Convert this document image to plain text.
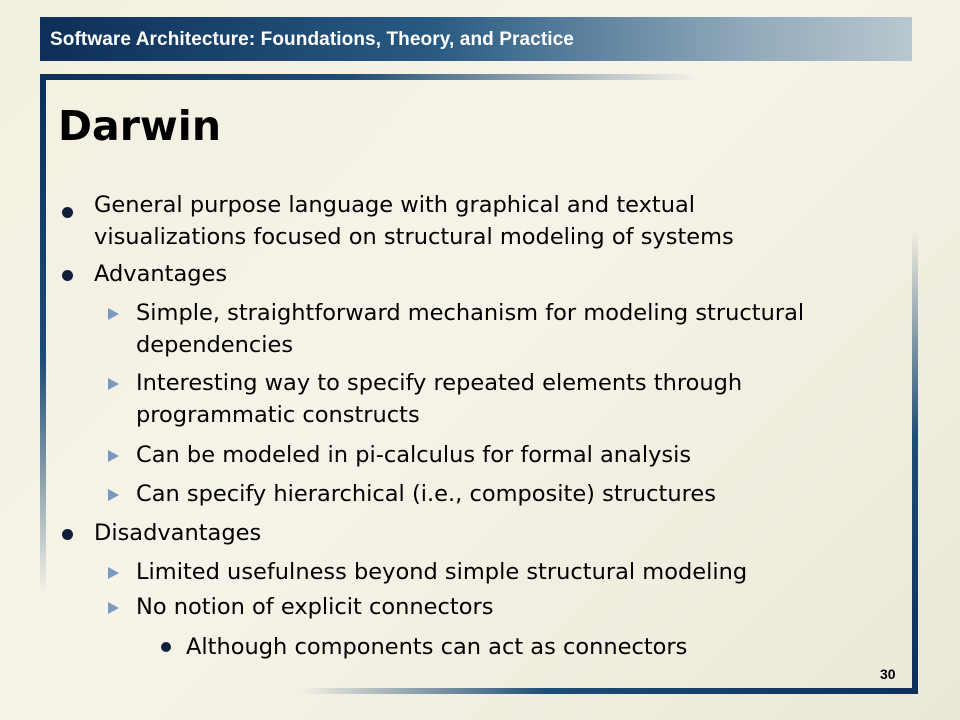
Software Architecture: Foundations, Theory, and Practice
Darwin
General purpose language with graphical and textual
visualizations focused on structural modeling of systems
Advantages
Simple, straightforward mechanism for modeling structural
dependencies
Interesting way to specify repeated elements through
programmatic constructs
Can be modeled in pi-calculus for formal analysis
Can specify hierarchical (i.e., composite) structures
Disadvantages
Limited usefulness beyond simple structural modeling
No notion of explicit connectors
Although components can act as connectors
30
